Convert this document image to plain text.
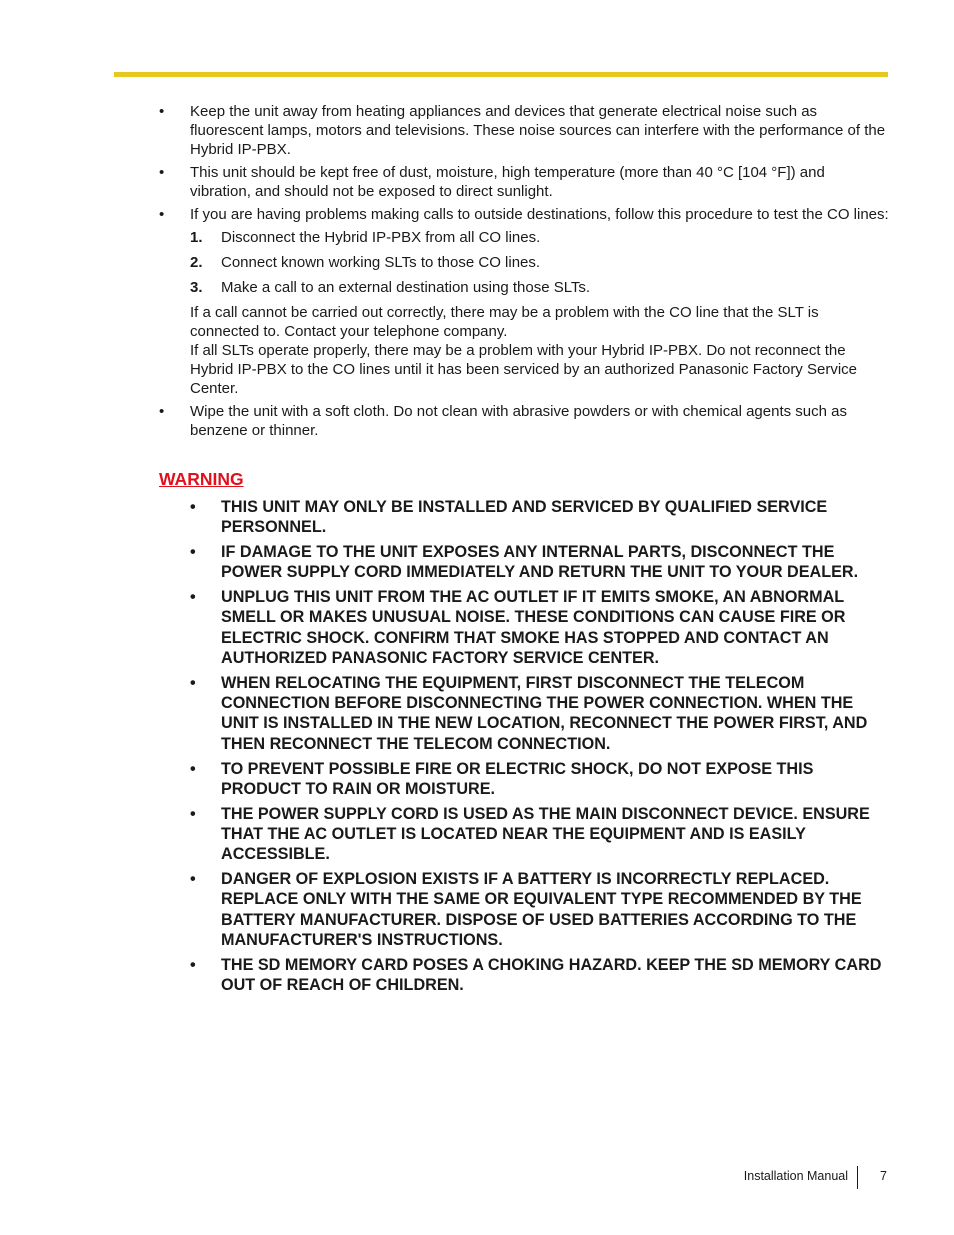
• Keep the unit away from heating appliances and devices that generate electrical noise such as fluorescent lamps, motors and televisions. These noise sources can interfere with the performance of the Hybrid IP-PBX.
• This unit should be kept free of dust, moisture, high temperature (more than 40 °C [104 °F]) and vibration, and should not be exposed to direct sunlight.
• If you are having problems making calls to outside destinations, follow this procedure to test the CO lines:
1. Disconnect the Hybrid IP-PBX from all CO lines.
2. Connect known working SLTs to those CO lines.
3. Make a call to an external destination using those SLTs.

If a call cannot be carried out correctly, there may be a problem with the CO line that the SLT is connected to. Contact your telephone company.

If all SLTs operate properly, there may be a problem with your Hybrid IP-PBX. Do not reconnect the Hybrid IP-PBX to the CO lines until it has been serviced by an authorized Panasonic Factory Service Center.

• Wipe the unit with a soft cloth. Do not clean with abrasive powders or with chemical agents such as benzene or thinner.
WARNING
• THIS UNIT MAY ONLY BE INSTALLED AND SERVICED BY QUALIFIED SERVICE PERSONNEL.
• IF DAMAGE TO THE UNIT EXPOSES ANY INTERNAL PARTS, DISCONNECT THE POWER SUPPLY CORD IMMEDIATELY AND RETURN THE UNIT TO YOUR DEALER.
• UNPLUG THIS UNIT FROM THE AC OUTLET IF IT EMITS SMOKE, AN ABNORMAL SMELL OR MAKES UNUSUAL NOISE. THESE CONDITIONS CAN CAUSE FIRE OR ELECTRIC SHOCK. CONFIRM THAT SMOKE HAS STOPPED AND CONTACT AN AUTHORIZED PANASONIC FACTORY SERVICE CENTER.
• WHEN RELOCATING THE EQUIPMENT, FIRST DISCONNECT THE TELECOM CONNECTION BEFORE DISCONNECTING THE POWER CONNECTION. WHEN THE UNIT IS INSTALLED IN THE NEW LOCATION, RECONNECT THE POWER FIRST, AND THEN RECONNECT THE TELECOM CONNECTION.
• TO PREVENT POSSIBLE FIRE OR ELECTRIC SHOCK, DO NOT EXPOSE THIS PRODUCT TO RAIN OR MOISTURE.
• THE POWER SUPPLY CORD IS USED AS THE MAIN DISCONNECT DEVICE. ENSURE THAT THE AC OUTLET IS LOCATED NEAR THE EQUIPMENT AND IS EASILY ACCESSIBLE.
• DANGER OF EXPLOSION EXISTS IF A BATTERY IS INCORRECTLY REPLACED. REPLACE ONLY WITH THE SAME OR EQUIVALENT TYPE RECOMMENDED BY THE BATTERY MANUFACTURER. DISPOSE OF USED BATTERIES ACCORDING TO THE MANUFACTURER'S INSTRUCTIONS.
• THE SD MEMORY CARD POSES A CHOKING HAZARD. KEEP THE SD MEMORY CARD OUT OF REACH OF CHILDREN.
Installation Manual	7
